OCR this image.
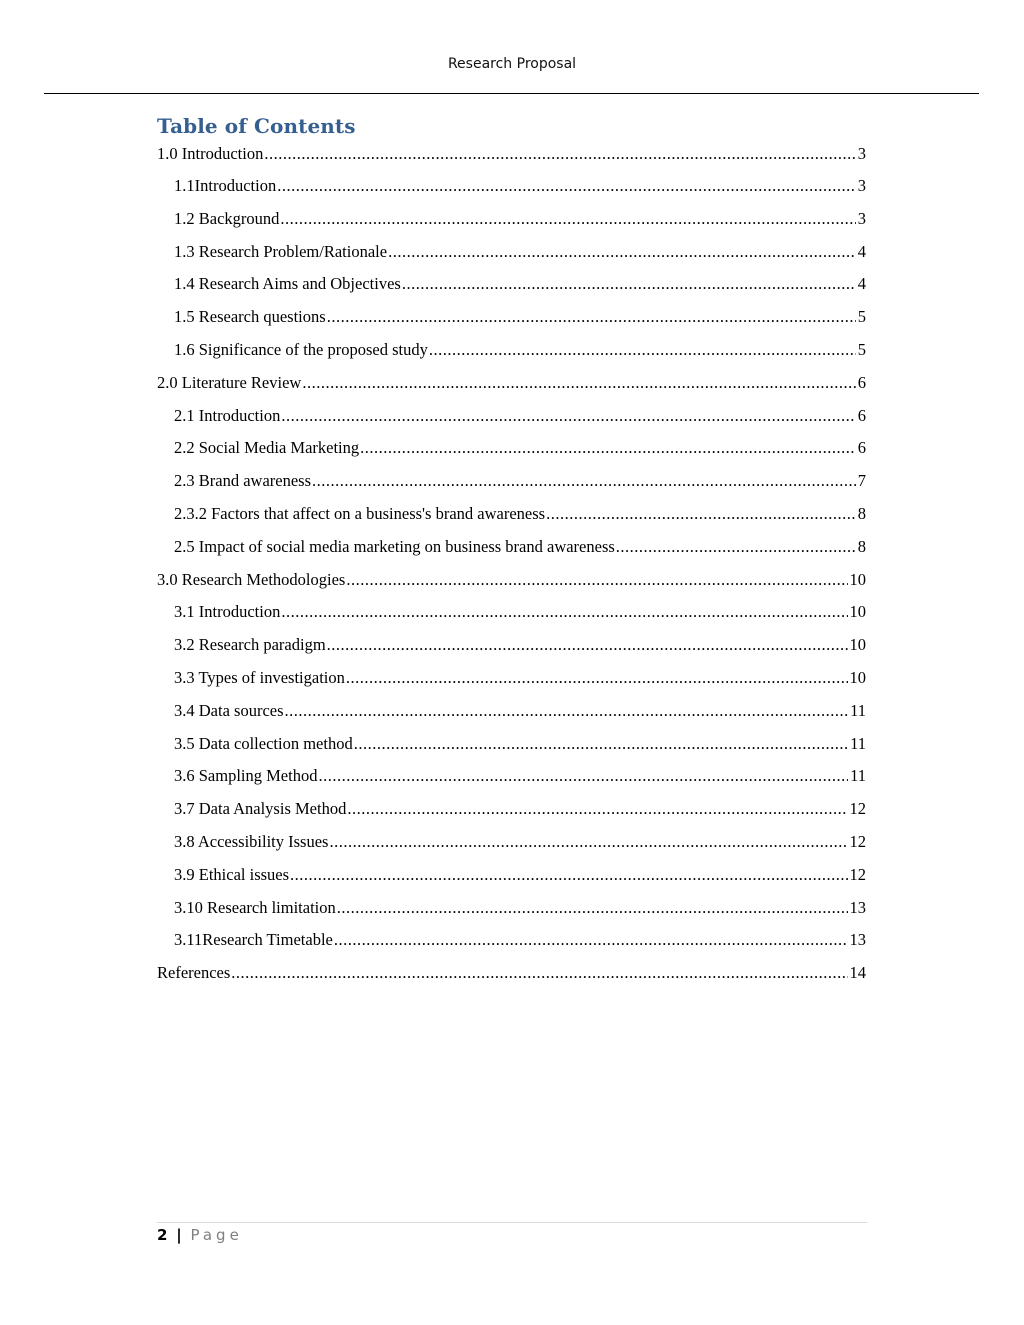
Research Proposal
Table of Contents
1.0 Introduction .....	3
1.1Introduction .....	3
1.2 Background .....	3
1.3 Research Problem/Rationale .....	4
1.4 Research Aims and Objectives .....	4
1.5 Research questions .....	5
1.6 Significance of the proposed study .....	5
2.0 Literature Review .....	6
2.1 Introduction .....	6
2.2 Social Media Marketing .....	6
2.3 Brand awareness .....	7
2.3.2 Factors that affect on a business's brand awareness .....	8
2.5 Impact of social media marketing on business brand awareness .....	8
3.0 Research Methodologies .....	10
3.1 Introduction .....	10
3.2 Research paradigm .....	10
3.3 Types of investigation .....	10
3.4 Data sources .....	11
3.5 Data collection method .....	11
3.6 Sampling Method .....	11
3.7 Data Analysis Method .....	12
3.8 Accessibility Issues .....	12
3.9 Ethical issues .....	12
3.10 Research limitation .....	13
3.11Research Timetable .....	13
References .....	14
2 | Page
